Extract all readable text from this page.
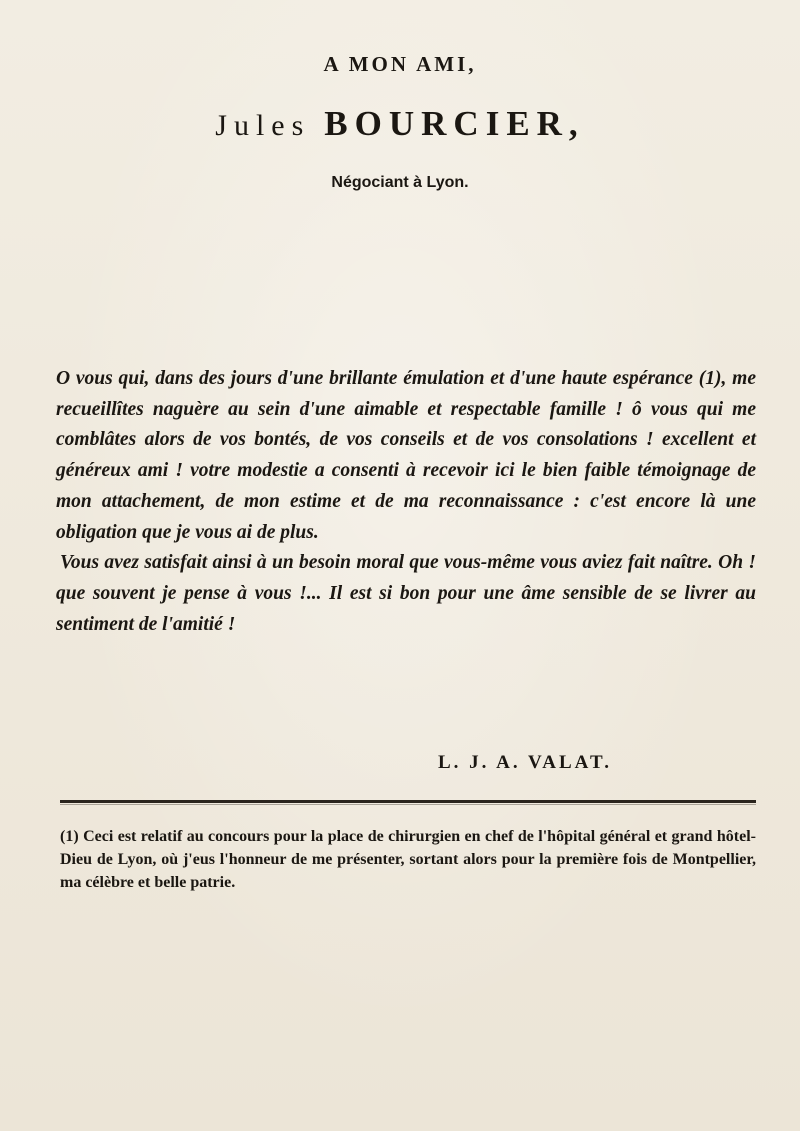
A MON AMI,
Jules BOURCIER,
Négociant à Lyon.

O vous qui, dans des jours d'une brillante émulation et d'une haute espérance (1), me recueillîtes naguère au sein d'une aimable et respectable famille ! ô vous qui me comblâtes alors de vos bontés, de vos conseils et de vos consolations ! excellent et généreux ami ! votre modestie a consenti à recevoir ici le bien faible témoignage de mon attachement, de mon estime et de ma reconnaissance : c'est encore là une obligation que je vous ai de plus.

Vous avez satisfait ainsi à un besoin moral que vous-même vous aviez fait naître. Oh ! que souvent je pense à vous !... Il est si bon pour une âme sensible de se livrer au sentiment de l'amitié !

L. J. A. VALAT.
(1) Ceci est relatif au concours pour la place de chirurgien en chef de l'hôpital général et grand hôtel-Dieu de Lyon, où j'eus l'honneur de me présenter, sortant alors pour la première fois de Montpellier, ma célèbre et belle patrie.
